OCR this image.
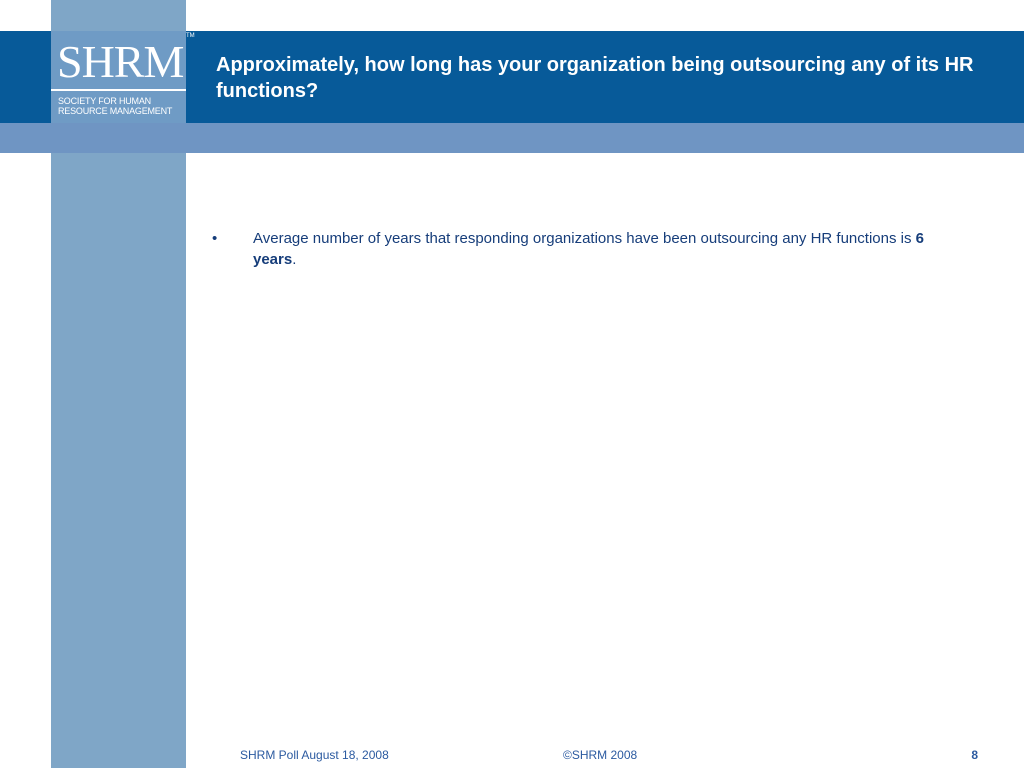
SHRM
SOCIETY FOR HUMAN
RESOURCE MANAGEMENT
TM
Approximately, how long has your organization being outsourcing any of its HR functions?
• Average number of years that responding organizations have been outsourcing any HR functions is 6 years.
SHRM Poll August 18, 2008	©SHRM 2008	8
